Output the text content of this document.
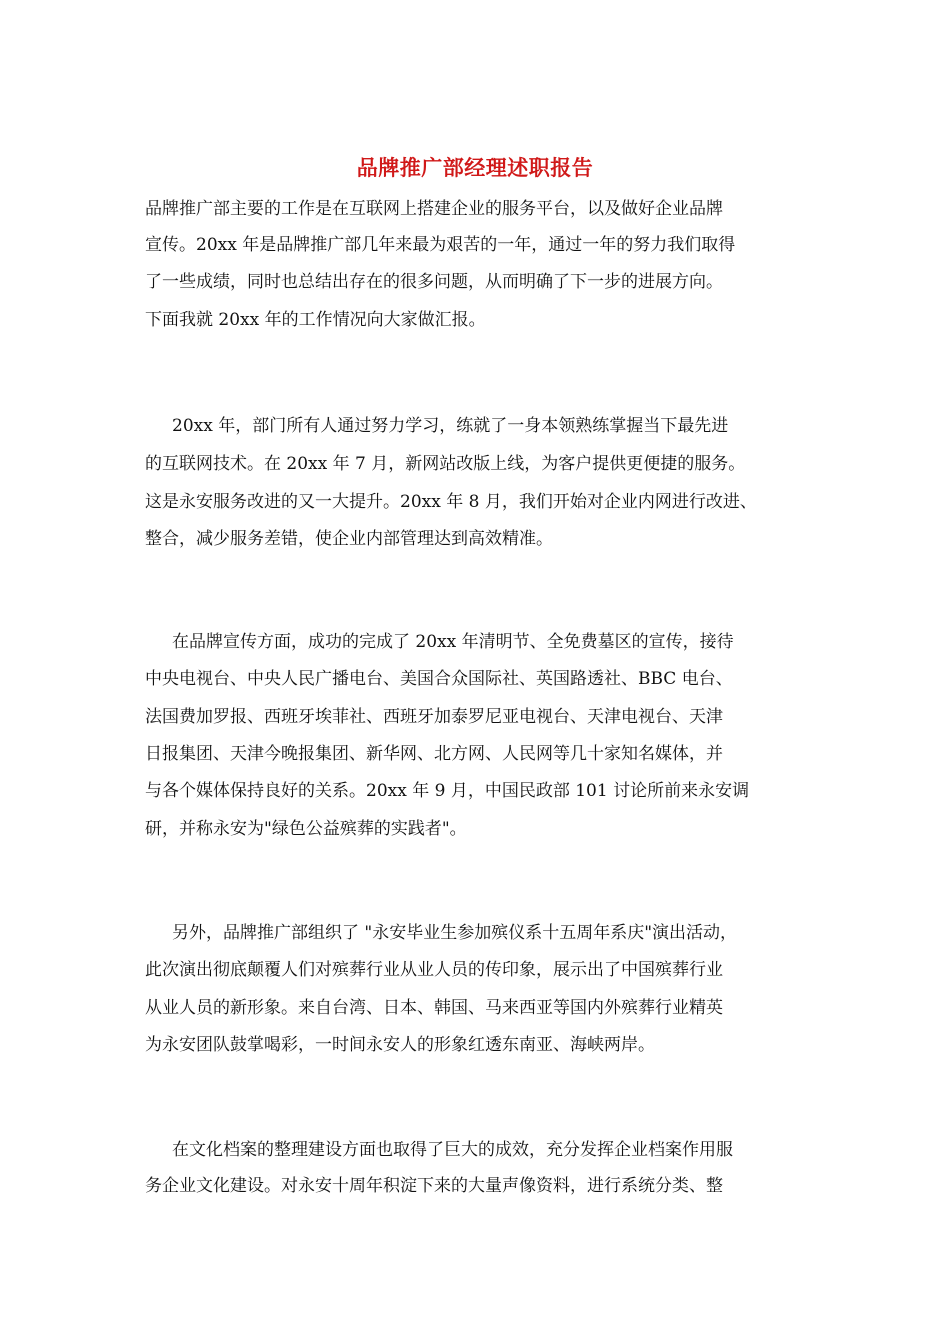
品牌推广部经理述职报告
品牌推广部主要的工作是在互联网上搭建企业的服务平台，以及做好企业品牌
宣传。20xx 年是品牌推广部几年来最为艰苦的一年，通过一年的努力我们取得
了一些成绩，同时也总结出存在的很多问题，从而明确了下一步的进展方向。
下面我就 20xx 年的工作情况向大家做汇报。
20xx 年，部门所有人通过努力学习，练就了一身本领熟练掌握当下最先进
的互联网技术。在 20xx 年 7 月，新网站改版上线，为客户提供更便捷的服务。
这是永安服务改进的又一大提升。20xx 年 8 月，我们开始对企业内网进行改进、
整合，减少服务差错，使企业内部管理达到高效精准。
在品牌宣传方面，成功的完成了 20xx 年清明节、全免费墓区的宣传，接待
中央电视台、中央人民广播电台、美国合众国际社、英国路透社、BBC 电台、
法国费加罗报、西班牙埃菲社、西班牙加泰罗尼亚电视台、天津电视台、天津
日报集团、天津今晚报集团、新华网、北方网、人民网等几十家知名媒体，并
与各个媒体保持良好的关系。20xx 年 9 月，中国民政部 101 讨论所前来永安调
研，并称永安为"绿色公益殡葬的实践者"。
另外，品牌推广部组织了 "永安毕业生参加殡仪系十五周年系庆"演出活动，
此次演出彻底颠覆人们对殡葬行业从业人员的传印象，展示出了中国殡葬行业
从业人员的新形象。来自台湾、日本、韩国、马来西亚等国内外殡葬行业精英
为永安团队鼓掌喝彩，一时间永安人的形象红透东南亚、海峡两岸。
在文化档案的整理建设方面也取得了巨大的成效，充分发挥企业档案作用服
务企业文化建设。对永安十周年积淀下来的大量声像资料，进行系统分类、整
